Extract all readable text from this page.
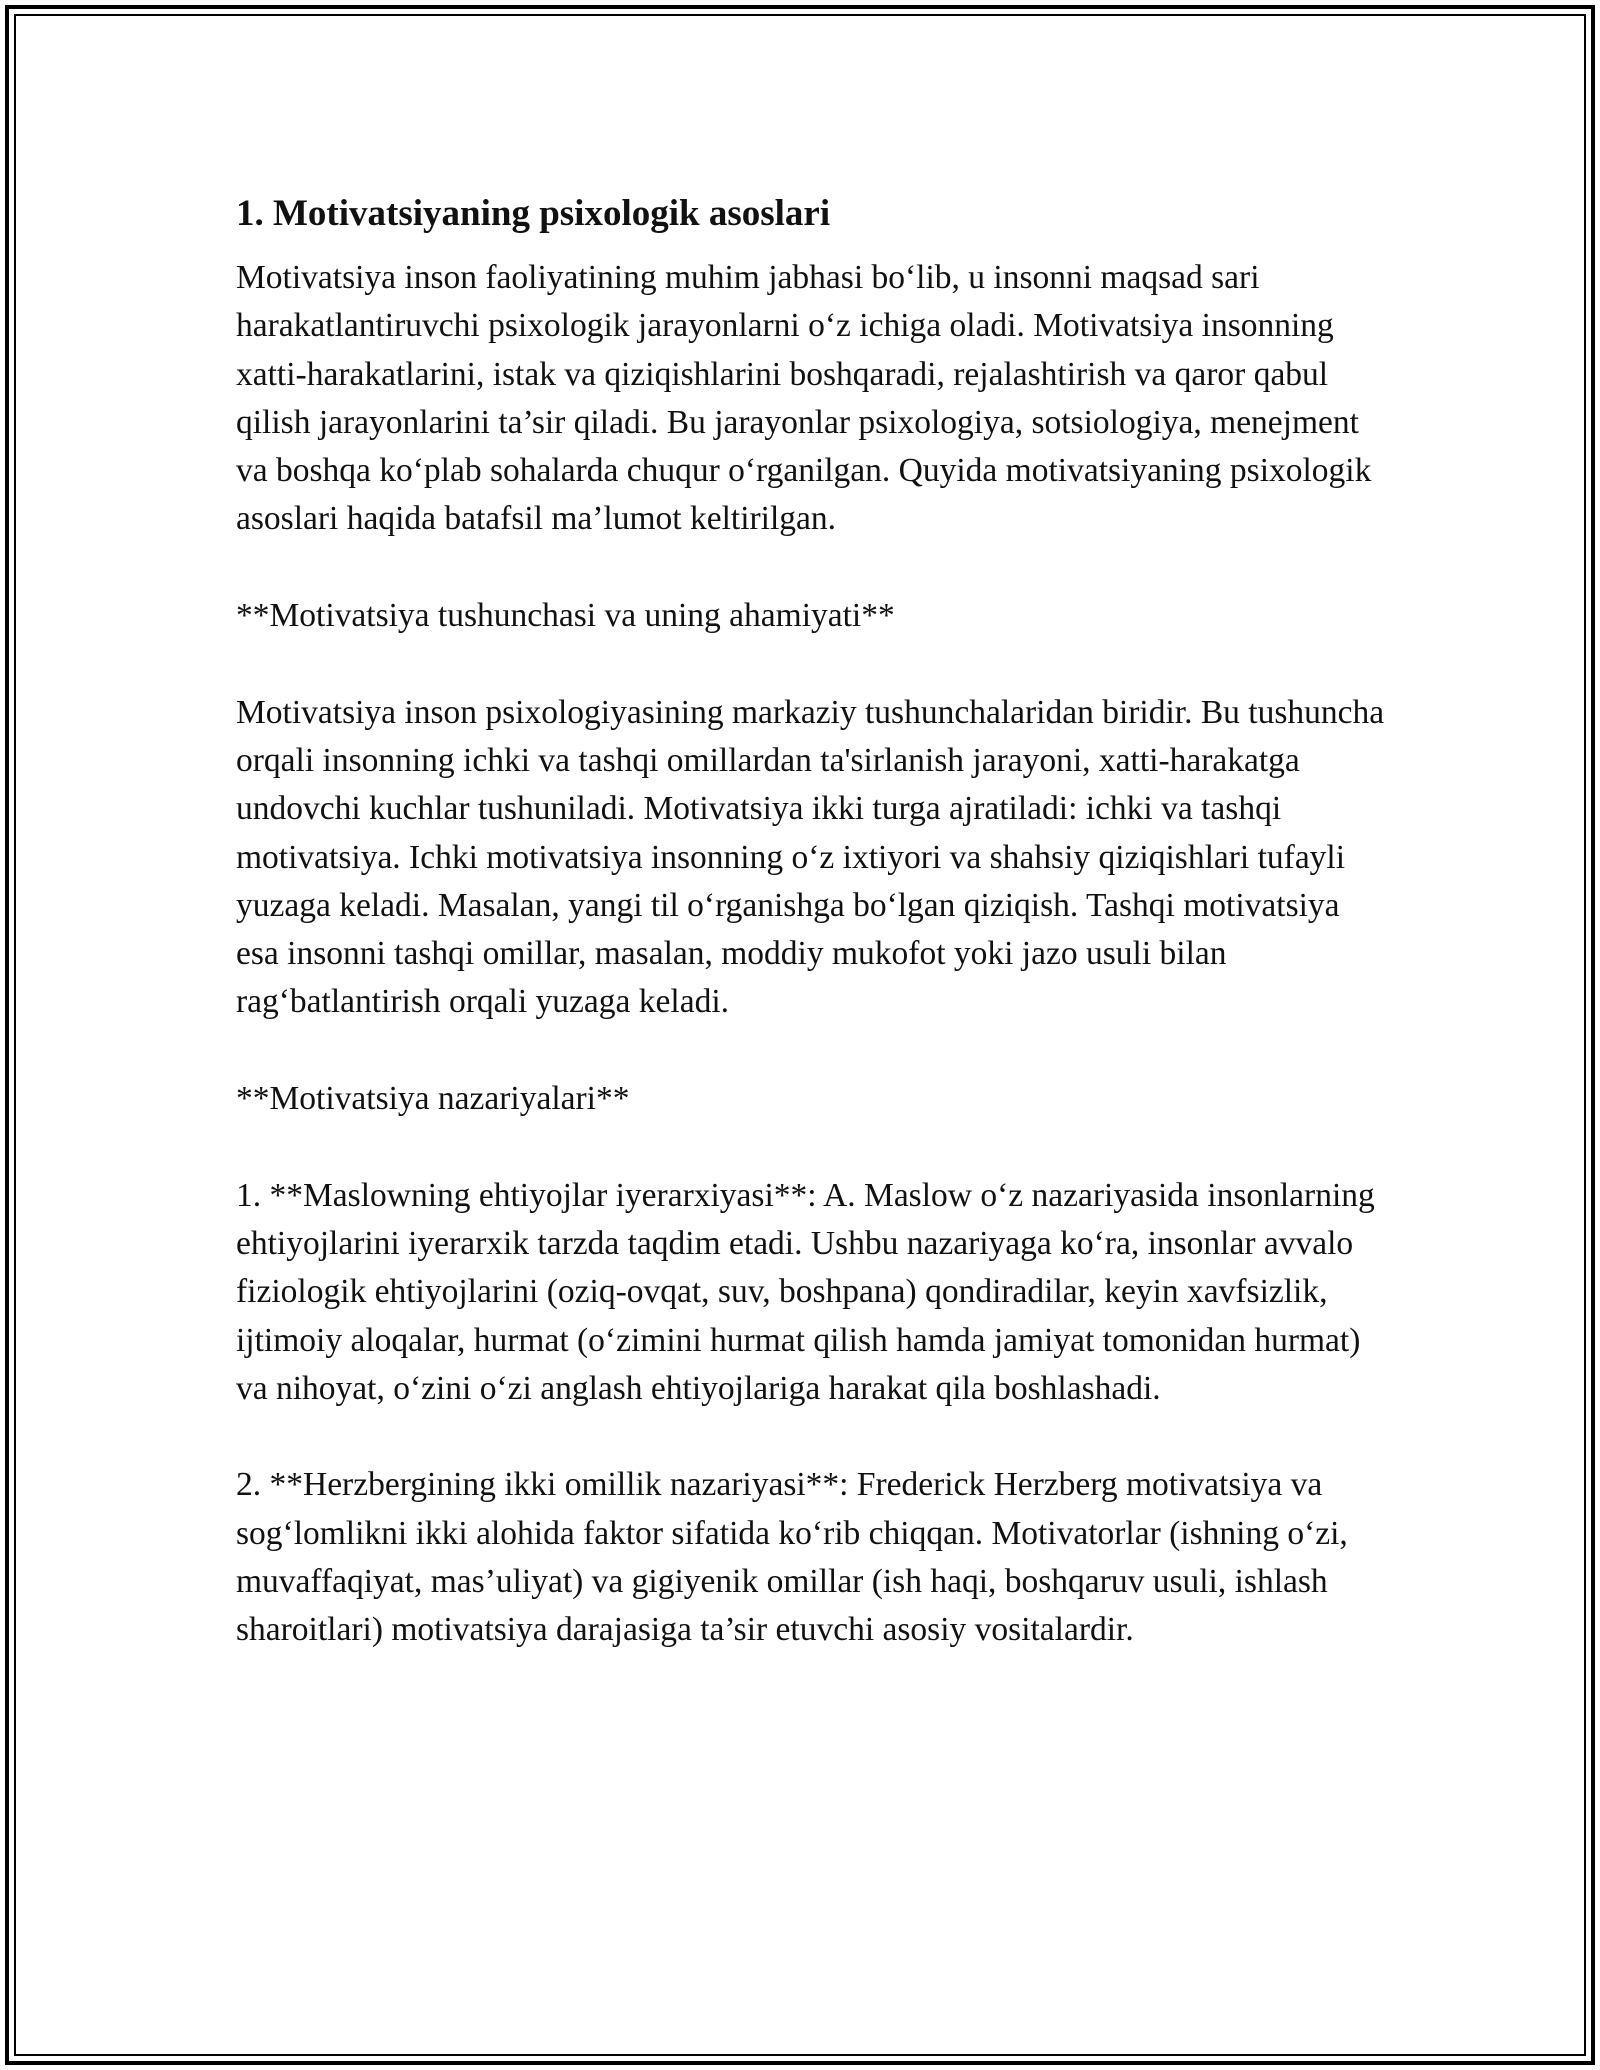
1. Motivatsiyaning psixologik asoslari

Motivatsiya inson faoliyatining muhim jabhasi bo‘lib, u insonni maqsad sari harakatlantiruvchi psixologik jarayonlarni o‘z ichiga oladi. Motivatsiya insonning xatti-harakatlarini, istak va qiziqishlarini boshqaradi, rejalashtirish va qaror qabul qilish jarayonlarini ta’sir qiladi. Bu jarayonlar psixologiya, sotsiologiya, menejment va boshqa ko‘plab sohalarda chuqur o‘rganilgan. Quyida motivatsiyaning psixologik asoslari haqida batafsil ma’lumot keltirilgan.

**Motivatsiya tushunchasi va uning ahamiyati**

Motivatsiya inson psixologiyasining markaziy tushunchalaridan biridir. Bu tushuncha orqali insonning ichki va tashqi omillardan ta'sirlanish jarayoni, xatti-harakatga undovchi kuchlar tushuniladi. Motivatsiya ikki turga ajratiladi: ichki va tashqi motivatsiya. Ichki motivatsiya insonning o‘z ixtiyori va shahsiy qiziqishlari tufayli yuzaga keladi. Masalan, yangi til o‘rganishga bo‘lgan qiziqish. Tashqi motivatsiya esa insonni tashqi omillar, masalan, moddiy mukofot yoki jazo usuli bilan rag‘batlantirish orqali yuzaga keladi.

**Motivatsiya nazariyalari**

1. **Maslowning ehtiyojlar iyerarxiyasi**: A. Maslow o‘z nazariyasida insonlarning ehtiyojlarini iyerarxik tarzda taqdim etadi. Ushbu nazariyaga ko‘ra, insonlar avvalo fiziologik ehtiyojlarini (oziq-ovqat, suv, boshpana) qondiradilar, keyin xavfsizlik, ijtimoiy aloqalar, hurmat (o‘zimini hurmat qilish hamda jamiyat tomonidan hurmat) va nihoyat, o‘zini o‘zi anglash ehtiyojlariga harakat qila boshlashadi.

2. **Herzbergining ikki omillik nazariyasi**: Frederick Herzberg motivatsiya va sog‘lomlikni ikki alohida faktor sifatida ko‘rib chiqqan. Motivatorlar (ishning o‘zi, muvaffaqiyat, mas’uliyat) va gigiyenik omillar (ish haqi, boshqaruv usuli, ishlash sharoitlari) motivatsiya darajasiga ta’sir etuvchi asosiy vositalardir.
